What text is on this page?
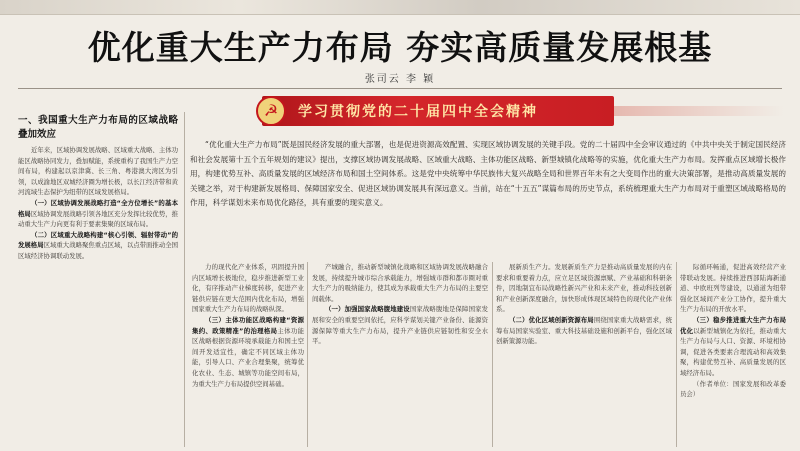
优化重大生产力布局 夯实高质量发展根基
张司云 李 颖
☭	学习贯彻党的二十届四中全会精神

“优化重大生产力布局”既是国民经济发展的重大部署，也是促进资源高效配置、实现区域协调发展的关键手段。党的二十届四中全会审议通过的《中共中央关于制定国民经济和社会发展第十五个五年规划的建议》提出，支撑区域协调发展战略、区域重大战略、主体功能区战略、新型城镇化战略等的实施，优化重大生产力布局。发挥重点区域增长极作用，构建优势互补、高质量发展的区域经济布局和国土空间体系。这是党中央统筹中华民族伟大复兴战略全局和世界百年未有之大变局作出的重大决策部署，是推动高质量发展的关键之举，对于构建新发展格局、保障国家安全、促进区域协调发展具有深远意义。当前，站在“十五五”谋篇布局的历史节点，系统梳理重大生产力布局对于重塑区域战略格局的作用，科学谋划未来布局优化路径，具有重要的现实意义。

一、我国重大生产力布局的区域战略叠加效应

近年来，区域协调发展战略、区域重大战略、主体功能区战略协同发力，叠加赋能，系统重构了我国生产力空间布局，构建起以京津冀、长三角、粤港澳大湾区为引领，以成渝地区双城经济圈为增长极，以长江经济带和黄河流域生态保护为纽带的区域发展格局。

（一）区域协调发展战略打造“全方位增长”的基本格局区域协调发展战略引领各地区充分发挥比较优势，推动重大生产力向更有利于要素集聚的区域布局。

（二）区域重大战略构建“核心引领、辐射带动”的发展格局区域重大战略聚焦重点区域，以点带面推动全国区域经济协调联动发展。

力的现代化产业体系，巩固提升国内区域增长极地位，稳步推进新型工业化，有序推动产业梯度转移，促进产业链供应链在更大范围内优化布局，增强国家重大生产力布局的战略纵深。

（三）主体功能区战略构建“资源集约、政策精准”的治理格局主体功能区战略根据资源环境承载能力和国土空间开发适宜性，确定不同区域主体功能，引导人口、产业合理集聚，统筹优化农业、生态、城镇等功能空间布局，为重大生产力布局提供空间基础。

产城融合，推动新型城镇化战略和区域协调发展战略融合发展，持续提升城市综合承载能力，增强城市群和都市圈对重大生产力的吸纳能力，使其成为承载重大生产力布局的主要空间载体。

（一）加强国家战略腹地建设国家战略腹地是保障国家发展和安全的重要空间依托，应科学谋划关键产业备份、能源资源保障等重大生产力布局，提升产业链供应链韧性和安全水平。

展新质生产力。发展新质生产力是推动高质量发展的内在要求和重要着力点，应立足区域资源禀赋、产业基础和科研条件，因地制宜布局战略性新兴产业和未来产业，推动科技创新和产业创新深度融合，加快形成体现区域特色的现代化产业体系。

（二）优化区域创新资源布局围绕国家重大战略需求，统筹布局国家实验室、重大科技基础设施和创新平台，强化区域创新策源功能。

际循环畅通，促进高效经营产业带联动发展。持续推进西部陆海新通道、中欧班列等建设，以通道为纽带强化区域间产业分工协作，提升重大生产力布局的开放水平。

（三）稳步推进重大生产力布局优化以新型城镇化为依托，推动重大生产力布局与人口、资源、环境相协调，促进各类要素合理流动和高效集聚，构建优势互补、高质量发展的区域经济布局。

（作者单位：国家发展和改革委员会）
